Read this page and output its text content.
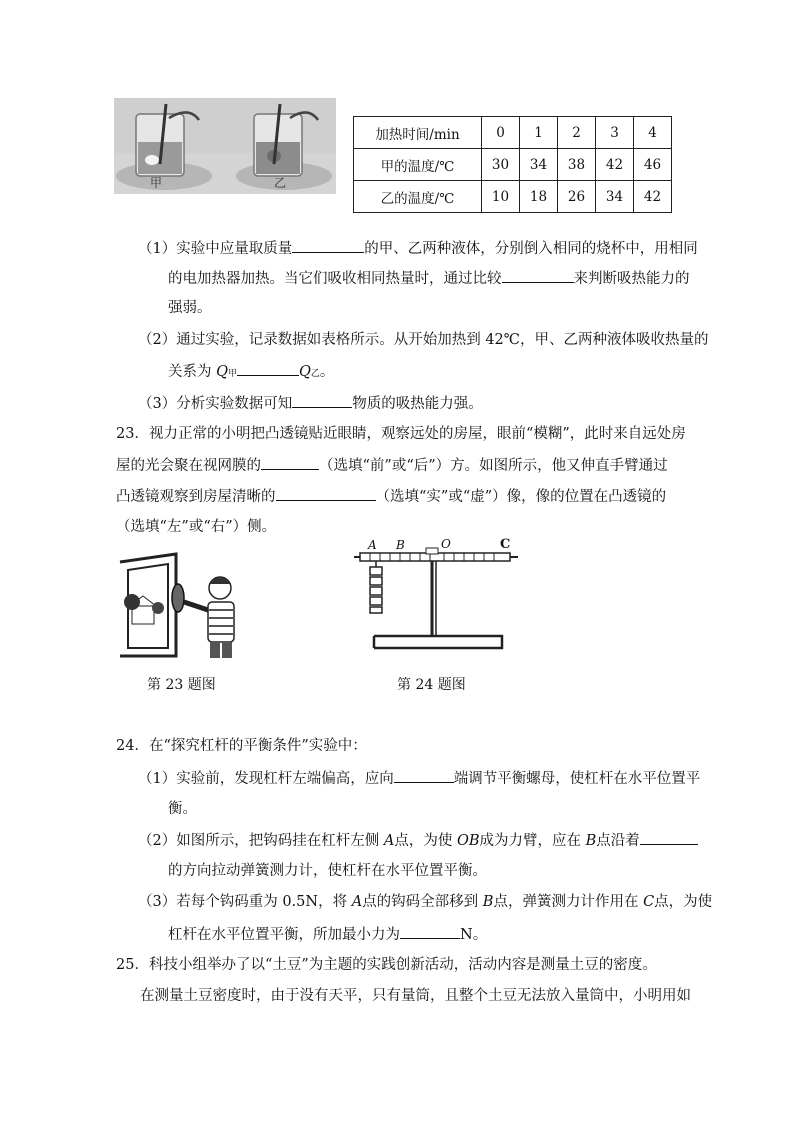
甲	乙
加热时间/min	0	1	2	3	4
甲的温度/℃	30	34	38	42	46
乙的温度/℃	10	18	26	34	42
（1）实验中应量取质量	的甲、乙两种液体，分别倒入相同的烧杯中，用相同
的电加热器加热。当它们吸收相同热量时，通过比较	来判断吸热能力的
强弱。
（2）通过实验，记录数据如表格所示。从开始加热到 42℃，甲、乙两种液体吸收热量的
关系为 Q甲	Q乙。
（3）分析实验数据可知	物质的吸热能力强。
23．视力正常的小明把凸透镜贴近眼睛，观察远处的房屋，眼前“模糊”，此时来自远处房
屋的光会聚在视网膜的	（选填“前”或“后”）方。如图所示，他又伸直手臂通过
凸透镜观察到房屋清晰的	（选填“实”或“虚”）像，像的位置在凸透镜的
（选填“左”或“右”）侧。
第 23 题图
A B	O	C
第 24 题图
24．在“探究杠杆的平衡条件”实验中：
（1）实验前，发现杠杆左端偏高，应向	端调节平衡螺母，使杠杆在水平位置平
衡。
（2）如图所示，把钩码挂在杠杆左侧 A点，为使 OB成为力臂，应在 B点沿着
的方向拉动弹簧测力计，使杠杆在水平位置平衡。
（3）若每个钩码重为 0.5N，将 A点的钩码全部移到 B点，弹簧测力计作用在 C点，为使
杠杆在水平位置平衡，所加最小力为	N。
25．科技小组举办了以“土豆”为主题的实践创新活动，活动内容是测量土豆的密度。
在测量土豆密度时，由于没有天平，只有量筒，且整个土豆无法放入量筒中，小明用如
